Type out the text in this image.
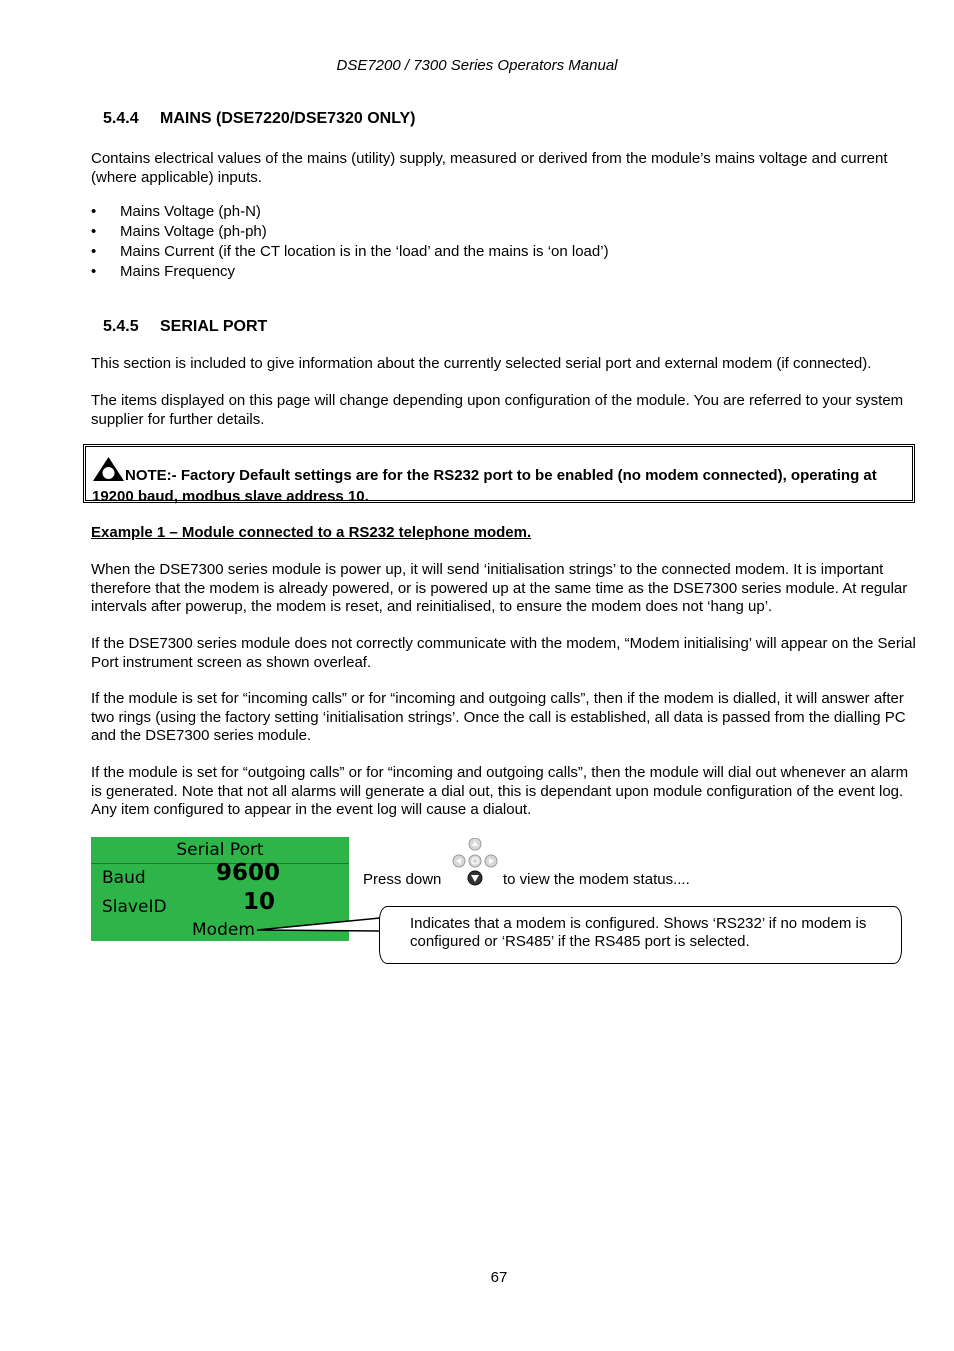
DSE7200 / 7300 Series Operators Manual
5.4.4 MAINS (DSE7220/DSE7320 ONLY)
Contains electrical values of the mains (utility) supply, measured or derived from the module’s mains voltage and current (where applicable) inputs.
• Mains Voltage (ph-N)
• Mains Voltage (ph-ph)
• Mains Current (if the CT location is in the ‘load’ and the mains is ‘on load’)
• Mains Frequency
5.4.5 SERIAL PORT
This section is included to give information about the currently selected serial port and external modem (if connected).
The items displayed on this page will change depending upon configuration of the module. You are referred to your system supplier for further details.
NOTE:- Factory Default settings are for the RS232 port to be enabled (no modem connected), operating at 19200 baud, modbus slave address 10.
Example 1 – Module connected to a RS232 telephone modem.
When the DSE7300 series module is power up, it will send ‘initialisation strings’ to the connected modem. It is important therefore that the modem is already powered, or is powered up at the same time as the DSE7300 series module. At regular intervals after powerup, the modem is reset, and reinitialised, to ensure the modem does not ‘hang up’.
If the DSE7300 series module does not correctly communicate with the modem, “Modem initialising’ will appear on the Serial Port instrument screen as shown overleaf.
If the module is set for “incoming calls” or for “incoming and outgoing calls”, then if the modem is dialled, it will answer after two rings (using the factory setting ‘initialisation strings’. Once the call is established, all data is passed from the dialling PC and the DSE7300 series module.
If the module is set for “outgoing calls” or for “incoming and outgoing calls”, then the module will dial out whenever an alarm is generated. Note that not all alarms will generate a dial out, this is dependant upon module configuration of the event log. Any item configured to appear in the event log will cause a dialout.
Serial Port
Baud	9600
SlaveID	10
Modem
Press down	to view the modem status....
Indicates that a modem is configured. Shows ‘RS232’ if no modem is configured or ‘RS485’ if the RS485 port is selected.
67
